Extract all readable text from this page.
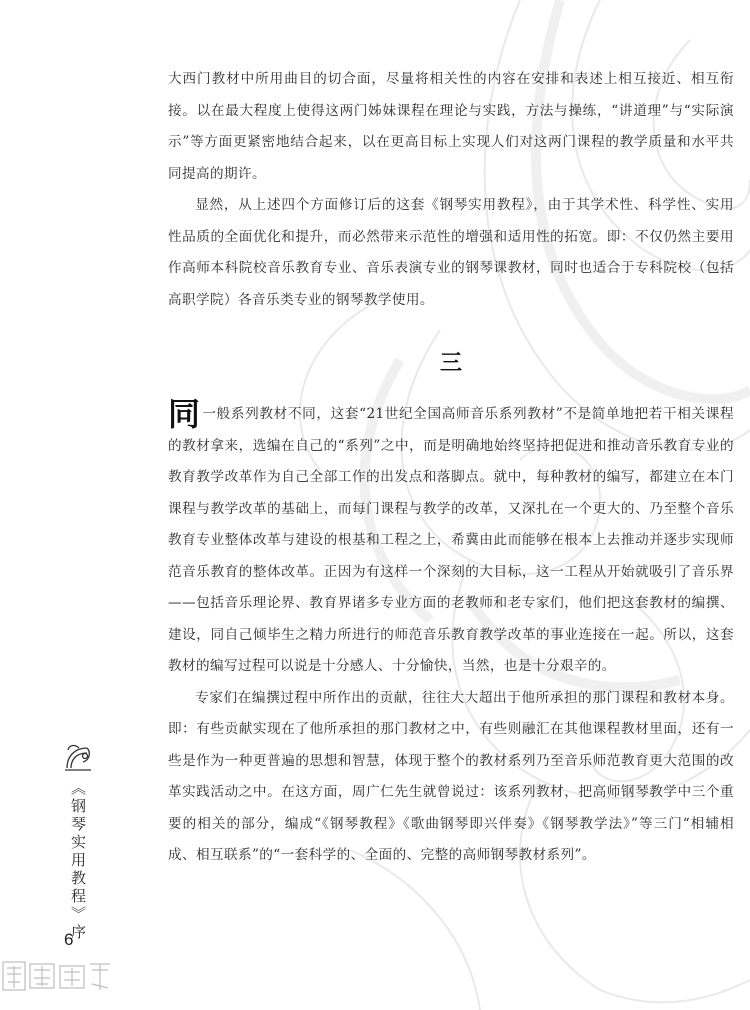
大西门教材中所用曲目的切合面，尽量将相关性的内容在安排和表述上相互接近、相互衔接。以在最大程度上使得这两门姊妹课程在理论与实践，方法与操练，“讲道理”与“实际演示”等方面更紧密地结合起来，以在更高目标上实现人们对这两门课程的教学质量和水平共同提高的期许。

显然，从上述四个方面修订后的这套《钢琴实用教程》，由于其学术性、科学性、实用性品质的全面优化和提升，而必然带来示范性的增强和适用性的拓宽。即：不仅仍然主要用作高师本科院校音乐教育专业、音乐表演专业的钢琴课教材，同时也适合于专科院校（包括高职学院）各音乐类专业的钢琴教学使用。

三

同一般系列教材不同，这套“21世纪全国高师音乐系列教材”不是简单地把若干相关课程的教材拿来，选编在自己的“系列”之中，而是明确地始终坚持把促进和推动音乐教育专业的教育教学改革作为自己全部工作的出发点和落脚点。就中，每种教材的编写，都建立在本门课程与教学改革的基础上，而每门课程与教学的改革，又深扎在一个更大的、乃至整个音乐教育专业整体改革与建设的根基和工程之上，希冀由此而能够在根本上去推动并逐步实现师范音乐教育的整体改革。正因为有这样一个深刻的大目标，这一工程从开始就吸引了音乐界——包括音乐理论界、教育界诸多专业方面的老教师和老专家们，他们把这套教材的编撰、建设，同自己倾毕生之精力所进行的师范音乐教育教学改革的事业连接在一起。所以，这套教材的编写过程可以说是十分感人、十分愉快，当然，也是十分艰辛的。

专家们在编撰过程中所作出的贡献，往往大大超出于他所承担的那门课程和教材本身。即：有些贡献实现在了他所承担的那门教材之中，有些则融汇在其他课程教材里面，还有一些是作为一种更普遍的思想和智慧，体现于整个的教材系列乃至音乐师范教育更大范围的改革实践活动之中。在这方面，周广仁先生就曾说过：该系列教材，把高师钢琴教学中三个重要的相关的部分，编成“《钢琴教程》《歌曲钢琴即兴伴奏》《钢琴教学法》”等三门“相辅相成、相互联系”的“一套科学的、全面的、完整的高师钢琴教材系列”。

《钢琴实用教程》序
6
